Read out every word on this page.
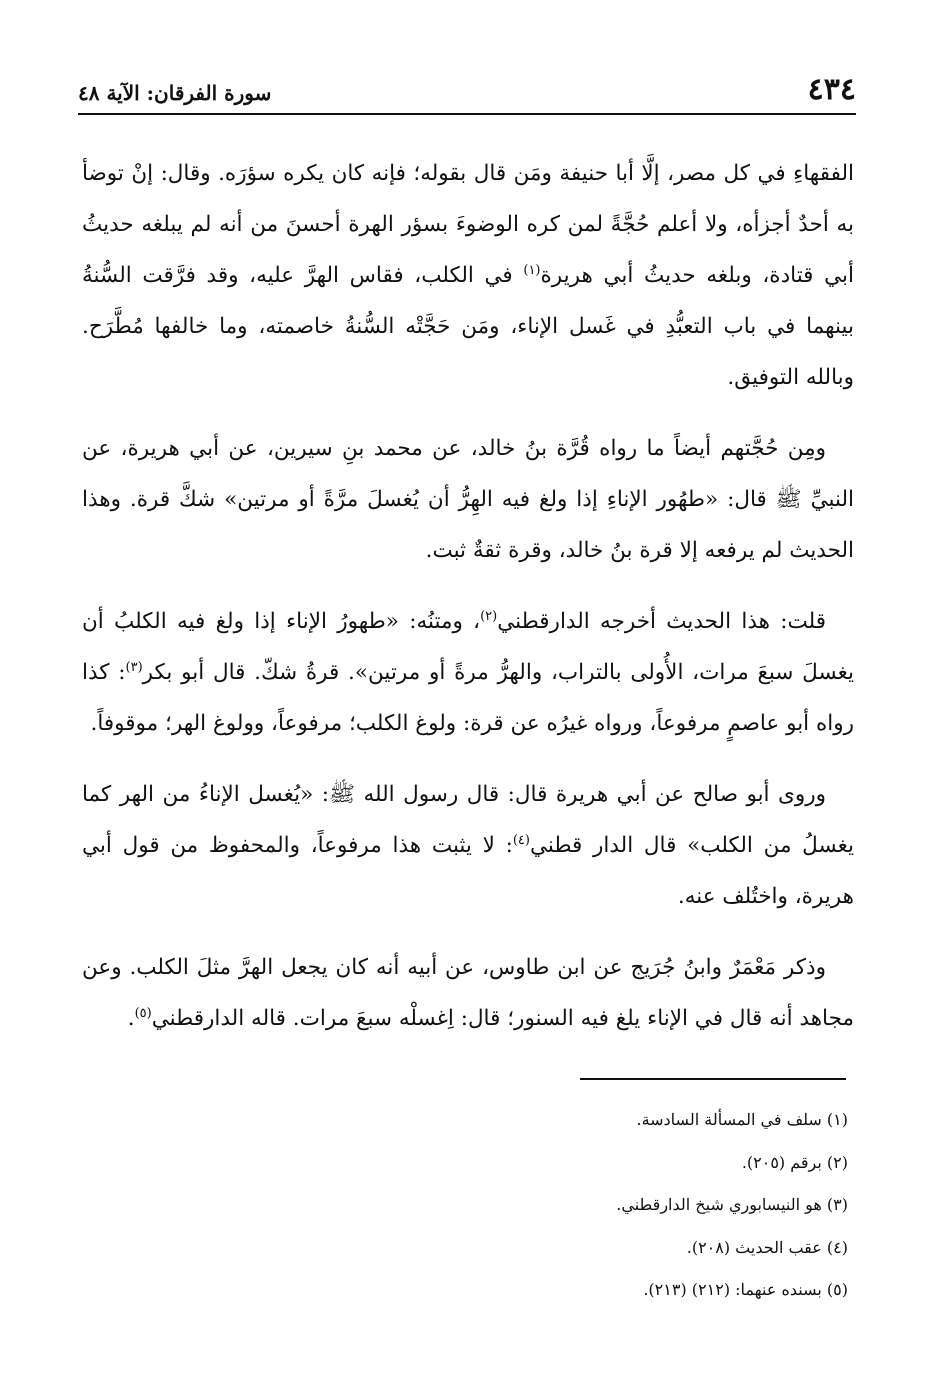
٤٣٤
سورة الفرقان: الآية ٤٨

الفقهاءِ في كل مصر، إلَّا أبا حنيفة ومَن قال بقوله؛ فإنه كان يكره سؤرَه. وقال: إنْ توضأ به أحدٌ أجزأه، ولا أعلم حُجَّةً لمن كره الوضوءَ بسؤر الهرة أحسنَ من أنه لم يبلغه حديثُ أبي قتادة، وبلغه حديثُ أبي هريرة$^{(١)}$ في الكلب، فقاس الهرَّ عليه، وقد فرَّقت السُّنةُ بينهما في باب التعبُّدِ في غَسل الإناء، ومَن حَجَّتْه السُّنةُ خاصمته، وما خالفها مُطَّرَح. وبالله التوفيق.

ومِن حُجَّتهم أيضاً ما رواه قُرَّة بنُ خالد، عن محمد بنِ سيرين، عن أبي هريرة، عن النبيِّ ﷺ قال: «طهُور الإناءِ إذا ولغ فيه الهِرُّ أن يُغسلَ مرَّةً أو مرتين» شكَّ قرة. وهذا الحديث لم يرفعه إلا قرة بنُ خالد، وقرة ثقةٌ ثبت.

قلت: هذا الحديث أخرجه الدارقطني$^{(٢)}$، ومتنُه: «طهورُ الإناء إذا ولغ فيه الكلبُ أن يغسلَ سبعَ مرات، الأُولى بالتراب، والهرُّ مرةً أو مرتين». قرةُ شكّ. قال أبو بكر$^{(٣)}$: كذا رواه أبو عاصمٍ مرفوعاً، ورواه غيرُه عن قرة: ولوغ الكلب؛ مرفوعاً، وولوغ الهر؛ موقوفاً.

وروى أبو صالح عن أبي هريرة قال: قال رسول الله ﷺ: «يُغسل الإناءُ من الهر كما يغسلُ من الكلب» قال الدار قطني$^{(٤)}$: لا يثبت هذا مرفوعاً، والمحفوظ من قول أبي هريرة، واختُلف عنه.

وذكر مَعْمَرٌ وابنُ جُرَيج عن ابن طاوس، عن أبيه أنه كان يجعل الهرَّ مثلَ الكلب. وعن مجاهد أنه قال في الإناء يلغ فيه السنور؛ قال: اِغسلْه سبعَ مرات. قاله الدارقطني$^{(٥)}$.

(١) سلف في المسألة السادسة.
(٢) برقم (٢٠٥).
(٣) هو النيسابوري شيخ الدارقطني.
(٤) عقب الحديث (٢٠٨).
(٥) بسنده عنهما: (٢١٢) (٢١٣).
